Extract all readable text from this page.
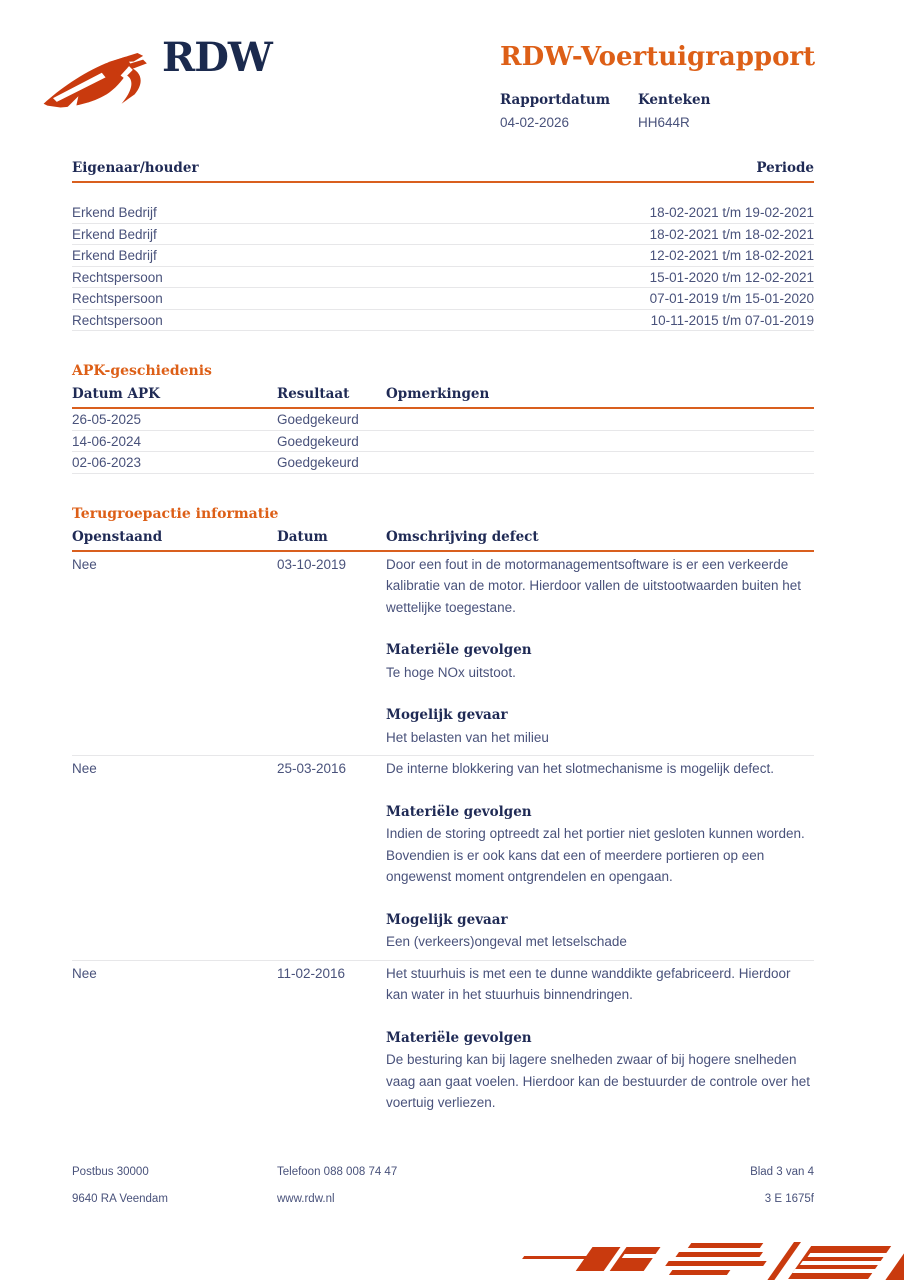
RDW	RDW-Voertuigrapport
Rapportdatum
04-02-2026
Kenteken
HH644R
Eigenaar/houder	Periode
Erkend Bedrijf	18-02-2021 t/m 19-02-2021
Erkend Bedrijf	18-02-2021 t/m 18-02-2021
Erkend Bedrijf	12-02-2021 t/m 18-02-2021
Rechtspersoon	15-01-2020 t/m 12-02-2021
Rechtspersoon	07-01-2019 t/m 15-01-2020
Rechtspersoon	10-11-2015 t/m 07-01-2019
APK-geschiedenis
Datum APK	Resultaat	Opmerkingen
26-05-2025	Goedgekeurd
14-06-2024	Goedgekeurd
02-06-2023	Goedgekeurd
Terugroepactie informatie
Openstaand	Datum	Omschrijving defect
Nee	03-10-2019	Door een fout in de motormanagementsoftware is er een verkeerde kalibratie van de motor. Hierdoor vallen de uitstootwaarden buiten het wettelijke toegestane.

Materiële gevolgen

Te hoge NOx uitstoot.

Mogelijk gevaar

Het belasten van het milieu

Nee	25-03-2016	De interne blokkering van het slotmechanisme is mogelijk defect.

Materiële gevolgen

Indien de storing optreedt zal het portier niet gesloten kunnen worden. Bovendien is er ook kans dat een of meerdere portieren op een ongewenst moment ontgrendelen en opengaan.

Mogelijk gevaar

Een (verkeers)ongeval met letselschade

Nee	11-02-2016	Het stuurhuis is met een te dunne wanddikte gefabriceerd. Hierdoor kan water in het stuurhuis binnendringen.

Materiële gevolgen

De besturing kan bij lagere snelheden zwaar of bij hogere snelheden vaag aan gaat voelen. Hierdoor kan de bestuurder de controle over het voertuig verliezen.

Postbus 30000	Telefoon 088 008 74 47	Blad 3 van 4
9640 RA Veendam	www.rdw.nl	3 E 1675f
